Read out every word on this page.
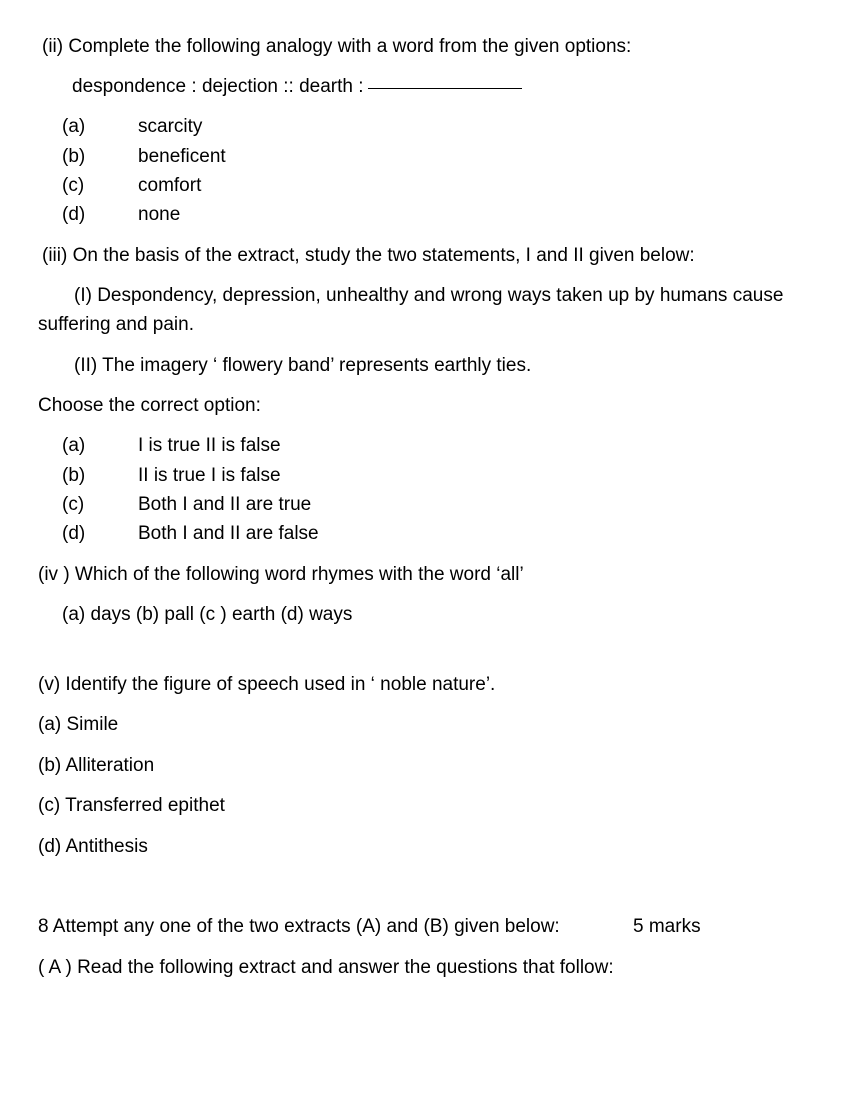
(ii) Complete the following analogy with a word from the given options:
despondence : dejection :: dearth :
(a)	scarcity
(b)	beneficent
(c)	comfort
(d)	none
(iii) On the basis of the extract, study the two statements, I and II given below:
(I) Despondency, depression, unhealthy and wrong ways taken up by humans cause
suffering and pain.
(II) The imagery ‘ flowery band’ represents earthly ties.
Choose the correct option:
(a)	I is true II is false
(b)	II is true I is false
(c)	Both I and II are true
(d)	Both I and II are false
(iv ) Which of the following word rhymes with the word ‘all’
(a) days (b) pall (c ) earth (d) ways
(v) Identify the figure of speech used in ‘ noble nature’.
(a) Simile
(b) Alliteration
(c) Transferred epithet
(d) Antithesis
8 Attempt any one of the two extracts (A) and (B) given below:	5 marks
( A ) Read the following extract and answer the questions that follow:
